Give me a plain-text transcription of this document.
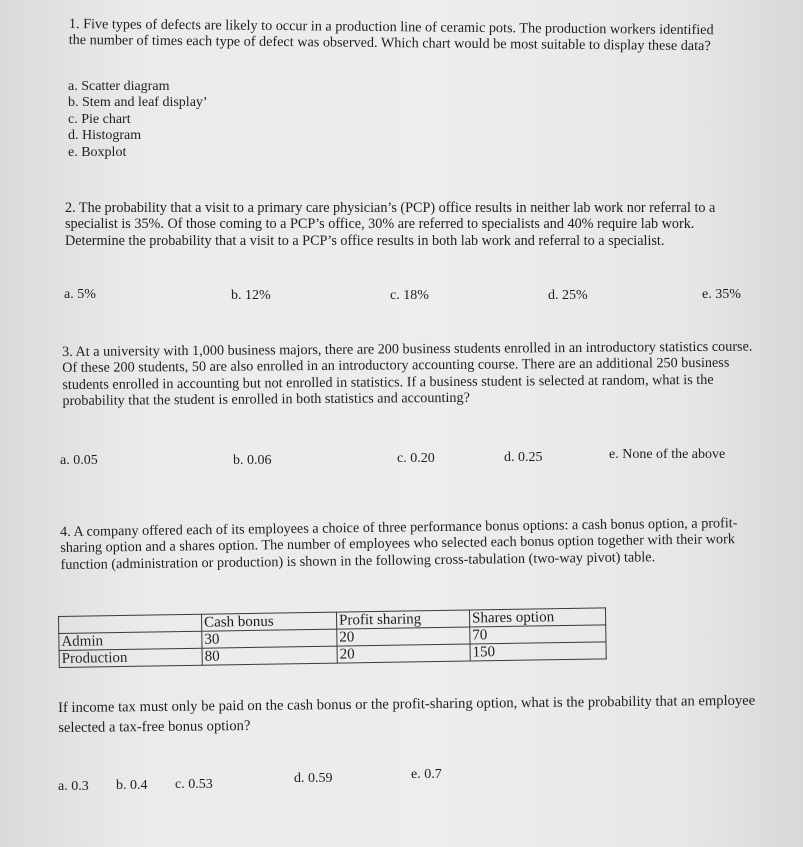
1. Five types of defects are likely to occur in a production line of ceramic pots. The production workers identified the number of times each type of defect was observed. Which chart would be most suitable to display these data?

a. Scatter diagram
b. Stem and leaf display’
c. Pie chart
d. Histogram
e. Boxplot

2. The probability that a visit to a primary care physician’s (PCP) office results in neither lab work nor referral to a specialist is 35%. Of those coming to a PCP’s office, 30% are referred to specialists and 40% require lab work. Determine the probability that a visit to a PCP’s office results in both lab work and referral to a specialist.

a. 5%	b. 12%	c. 18%	d. 25%	e. 35%

3. At a university with 1,000 business majors, there are 200 business students enrolled in an introductory statistics course. Of these 200 students, 50 are also enrolled in an introductory accounting course. There are an additional 250 business students enrolled in accounting but not enrolled in statistics. If a business student is selected at random, what is the probability that the student is enrolled in both statistics and accounting?

a. 0.05	b. 0.06	c. 0.20	d. 0.25	e. None of the above

4. A company offered each of its employees a choice of three performance bonus options: a cash bonus option, a profit-sharing option and a shares option. The number of employees who selected each bonus option together with their work function (administration or production) is shown in the following cross-tabulation (two-way pivot) table.

	Cash bonus	Profit sharing	Shares option
Admin	30	20	70
Production	80	20	150

If income tax must only be paid on the cash bonus or the profit-sharing option, what is the probability that an employee selected a tax-free bonus option?

a. 0.3 b. 0.4 c. 0.53	d. 0.59	e. 0.7
